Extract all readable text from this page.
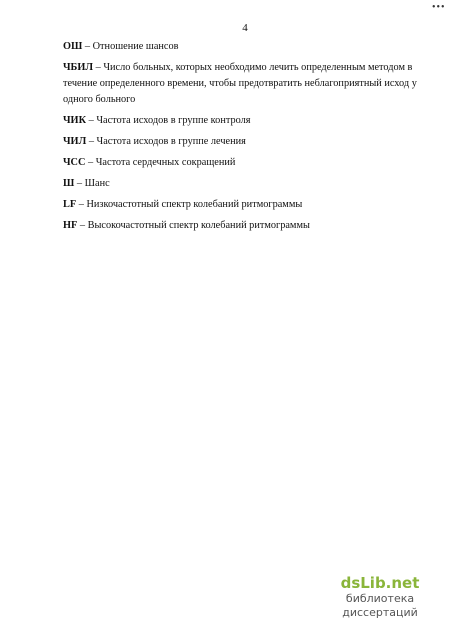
•••
4

ОШ – Отношение шансов

ЧБИЛ – Число больных, которых необходимо лечить определенным методом в течение определенного времени, чтобы предотвратить неблагоприятный исход у одного больного

ЧИК – Частота исходов в группе контроля

ЧИЛ – Частота исходов в группе лечения

ЧСС – Частота сердечных сокращений

Ш – Шанс

LF – Низкочастотный спектр колебаний ритмограммы

HF – Высокочастотный спектр колебаний ритмограммы

dsLib.net
библиотека диссертаций
